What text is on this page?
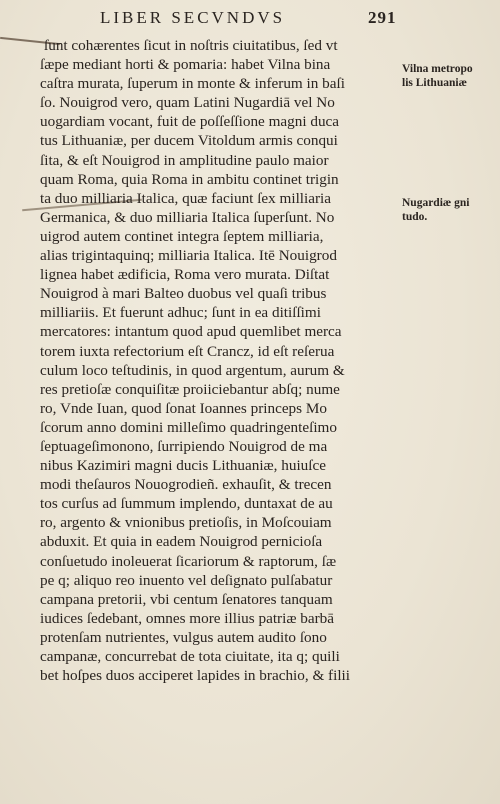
LIBER SECVNDVS	291
ſunt cohærentes ſicut in noſtris ciuitatibus, ſed vt
ſæpe mediant horti & pomaria: habet Vilna bina
caſtra murata, ſuperum in monte & inferum in baſi
ſo. Nouigrod vero, quam Latini Nugardiā vel No
uogardiam vocant, fuit de poſſeſſione magni duca
tus Lithuaniæ, per ducem Vitoldum armis conqui
ſita, & eſt Nouigrod in amplitudine paulo maior
quam Roma, quia Roma in ambitu continet trigin
ta duo milliaria Italica, quæ faciunt ſex milliaria
Germanica, & duo milliaria Italica ſuperſunt. No
uigrod autem continet integra ſeptem milliaria,
alias trigintaquinq; milliaria Italica. Itē Nouigrod
lignea habet ædificia, Roma vero murata. Diſtat
Nouigrod à mari Balteo duobus vel quaſi tribus
milliariis. Et fuerunt adhuc; ſunt in ea ditiſſimi
mercatores: intantum quod apud quemlibet merca
torem iuxta refectorium eſt Crancz, id eſt reſerua
culum loco teſtudinis, in quod argentum, aurum &
res pretioſæ conquiſitæ proiiciebantur abſq; nume
ro, Vnde Iuan, quod ſonat Ioannes princeps Mo
ſcorum anno domini milleſimo quadringenteſimo
ſeptuageſimonono, ſurripiendo Nouigrod de ma
nibus Kazimiri magni ducis Lithuaniæ, huiuſce
modi theſauros Nouogrodieñ. exhauſit, & trecen
tos curſus ad ſummum implendo, duntaxat de au
ro, argento & vnionibus pretioſis, in Moſcouiam
abduxit. Et quia in eadem Nouigrod pernicioſa
conſuetudo inoleuerat ſicariorum & raptorum, ſæ
pe q; aliquo reo inuento vel deſignato pulſabatur
campana pretorii, vbi centum ſenatores tanquam
iudices ſedebant, omnes more illius patriæ barbā
protenſam nutrientes, vulgus autem audito ſono
campanæ, concurrebat de tota ciuitate, ita q; quili
bet hoſpes duos acciperet lapides in brachio, & filii
Vilna metropo
lis Lithuaniæ
Nugardiæ gni
tudo.
